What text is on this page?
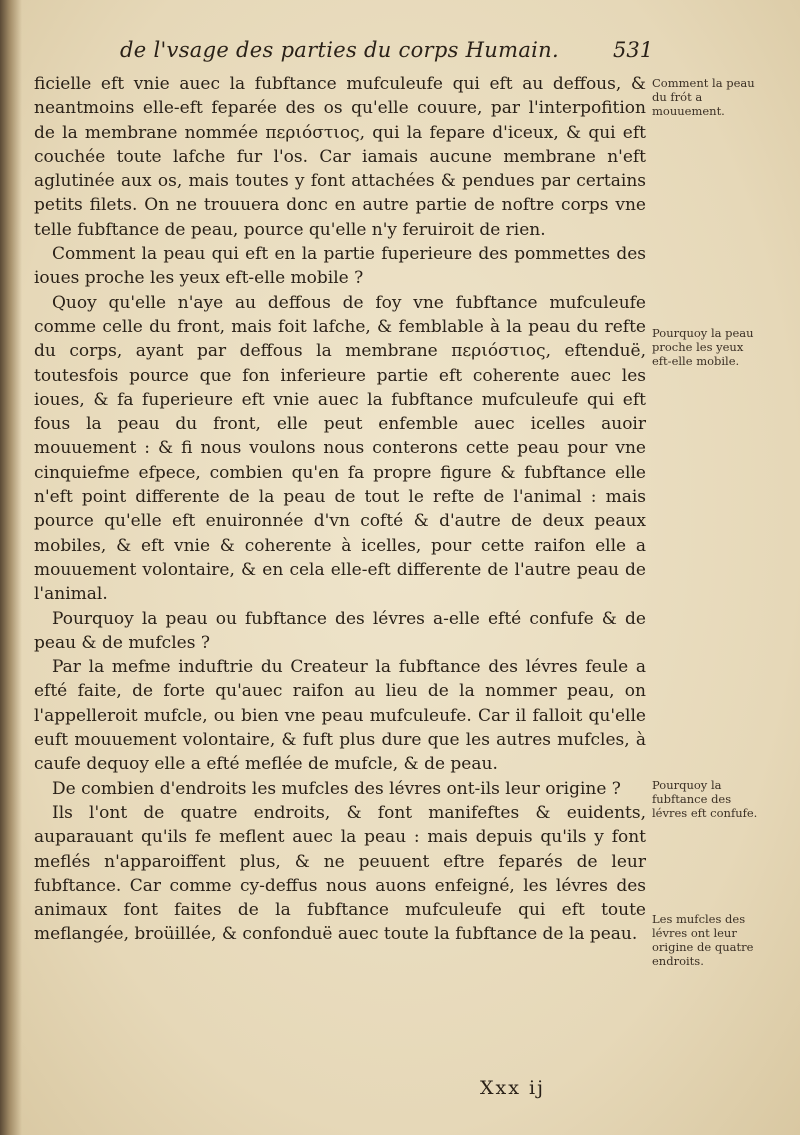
de l'vsage des parties du corps Humain.	531

ficielle eft vnie auec la fubftance mufculeufe qui eft au deffous, & neantmoins elle-eft feparée des os qu'elle couure, par l'interpofition de la membrane nommée περιόστιος, qui la fepare d'iceux, & qui eft couchée toute lafche fur l'os. Car iamais aucune membrane n'eft aglutinée aux os, mais toutes y font attachées & pendues par certains petits filets. On ne trouuera donc en autre partie de noftre corps vne telle fubftance de peau, pource qu'elle n'y feruiroit de rien.

Comment la peau qui eft en la partie fuperieure des pommettes des ioues proche les yeux eft-elle mobile ?

Quoy qu'elle n'aye au deffous de foy vne fubftance mufculeufe comme celle du front, mais foit lafche, & femblable à la peau du refte du corps, ayant par deffous la membrane περιόστιος, eftenduë, toutesfois pource que fon inferieure partie eft coherente auec les ioues, & fa fuperieure eft vnie auec la fubftance mufculeufe qui eft fous la peau du front, elle peut enfemble auec icelles auoir mouuement : & fi nous voulons nous conterons cette peau pour vne cinquiefme efpece, combien qu'en fa propre figure & fubftance elle n'eft point differente de la peau de tout le refte de l'animal : mais pource qu'elle eft enuironnée d'vn cofté & d'autre de deux peaux mobiles, & eft vnie & coherente à icelles, pour cette raifon elle a mouuement volontaire, & en cela elle-eft differente de l'autre peau de l'animal.

Pourquoy la peau ou fubftance des lévres a-elle efté confufe & de peau & de mufcles ?

Par la mefme induftrie du Createur la fubftance des lévres feule a efté faite, de forte qu'auec raifon au lieu de la nommer peau, on l'appelleroit mufcle, ou bien vne peau mufculeufe. Car il falloit qu'elle euft mouuement volontaire, & fuft plus dure que les autres mufcles, à caufe dequoy elle a efté meflée de mufcle, & de peau.

De combien d'endroits les mufcles des lévres ont-ils leur origine ?

Ils l'ont de quatre endroits, & font manifeftes & euidents, auparauant qu'ils fe meflent auec la peau : mais depuis qu'ils y font meflés n'apparoiffent plus, & ne peuuent eftre feparés de leur fubftance. Car comme cy-deffus nous auons enfeigné, les lévres des animaux font faites de la fubftance mufculeufe qui eft toute meflangée, broüillée, & confonduë auec toute la fubftance de la peau.

Comment la peau du frót a mouuement.
Pourquoy la peau proche les yeux eft-elle mobile.
Pourquoy la fubftance des lévres eft confufe.
Les mufcles des lévres ont leur origine de quatre endroits.
Xxx ij
